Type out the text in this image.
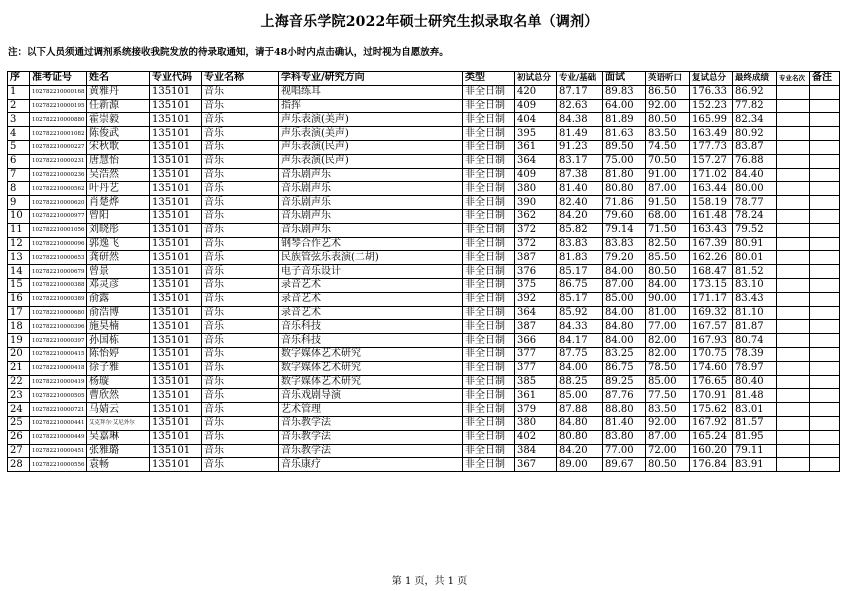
上海音乐学院2022年硕士研究生拟录取名单（调剂）
注：以下人员须通过调剂系统接收我院发放的待录取通知，请于48小时内点击确认，过时视为自愿放弃。
序	准考证号	姓名	专业代码	专业名称	学科专业/研究方向	类型	初试总分	专业/基础	面试	英语听口	复试总分	最终成绩	专业名次	备注
1	102782210000168	黄雅丹	135101	音乐	视唱练耳	非全日制	420	87.17	89.83	86.50	176.33	86.92		
2	102782210000195	任新源	135101	音乐	指挥	非全日制	409	82.63	64.00	92.00	152.23	77.82		
3	102782210000880	霍崇毅	135101	音乐	声乐表演(美声)	非全日制	404	84.38	81.89	80.50	165.99	82.34		
4	102782210001082	陈俊武	135101	音乐	声乐表演(美声)	非全日制	395	81.49	81.63	83.50	163.49	80.92		
5	102782210000227	宋秋歌	135101	音乐	声乐表演(民声)	非全日制	361	91.23	89.50	74.50	177.73	83.87		
6	102782210000231	唐慧怡	135101	音乐	声乐表演(民声)	非全日制	364	83.17	75.00	70.50	157.27	76.88		
7	102782210000236	吴浩然	135101	音乐	音乐剧声乐	非全日制	409	87.38	81.80	91.00	171.02	84.40		
8	102782210000562	叶丹艺	135101	音乐	音乐剧声乐	非全日制	380	81.40	80.80	87.00	163.44	80.00		
9	102782210000620	肖楚烨	135101	音乐	音乐剧声乐	非全日制	390	82.40	71.86	91.50	158.19	78.77		
10	102782210000977	曾阳	135101	音乐	音乐剧声乐	非全日制	362	84.20	79.60	68.00	161.48	78.24		
11	102782210001056	刘晓彤	135101	音乐	音乐剧声乐	非全日制	372	85.82	79.14	71.50	163.43	79.52		
12	102782210000096	郭逸飞	135101	音乐	钢琴合作艺术	非全日制	372	83.83	83.83	82.50	167.39	80.91		
13	102782210000653	龚研然	135101	音乐	民族管弦乐表演(二胡)	非全日制	387	81.83	79.20	85.50	162.26	80.01		
14	102782210000679	曾景	135101	音乐	电子音乐设计	非全日制	376	85.17	84.00	80.50	168.47	81.52		
15	102782210000388	邓灵彦	135101	音乐	录音艺术	非全日制	375	86.75	87.00	84.00	173.15	83.10		
16	102782210000389	俞露	135101	音乐	录音艺术	非全日制	392	85.17	85.00	90.00	171.17	83.43		
17	102782210000680	俞浩博	135101	音乐	录音艺术	非全日制	364	85.92	84.00	81.00	169.32	81.10		
18	102782210000396	施昊楠	135101	音乐	音乐科技	非全日制	387	84.33	84.80	77.00	167.57	81.87		
19	102782210000397	孙国栋	135101	音乐	音乐科技	非全日制	366	84.17	84.00	82.00	167.93	80.74		
20	102782210000415	陈怡婷	135101	音乐	数字媒体艺术研究	非全日制	377	87.75	83.25	82.00	170.75	78.39		
21	102782210000418	徐子雅	135101	音乐	数字媒体艺术研究	非全日制	377	84.00	86.75	78.50	174.60	78.97		
22	102782210000419	杨璇	135101	音乐	数字媒体艺术研究	非全日制	385	88.25	89.25	85.00	176.65	80.40		
23	102782210000505	曹欣然	135101	音乐	音乐戏剧导演	非全日制	361	85.00	87.76	77.50	170.91	81.48		
24	102782210000721	马婧云	135101	音乐	艺术管理	非全日制	379	87.88	88.80	83.50	175.62	83.01		
25	102782210000441	艾克拜尔·艾尼外尔	135101	音乐	音乐教学法	非全日制	380	84.80	81.40	92.00	167.92	81.57		
26	102782210000449	吴嘉琳	135101	音乐	音乐教学法	非全日制	402	80.80	83.80	87.00	165.24	81.95		
27	102782210000451	张雅璐	135101	音乐	音乐教学法	非全日制	384	84.20	77.00	72.00	160.20	79.11		
28	102782210000556	袁畅	135101	音乐	音乐康疗	非全日制	367	89.00	89.67	80.50	176.84	83.91		
第 1 页，共 1 页
